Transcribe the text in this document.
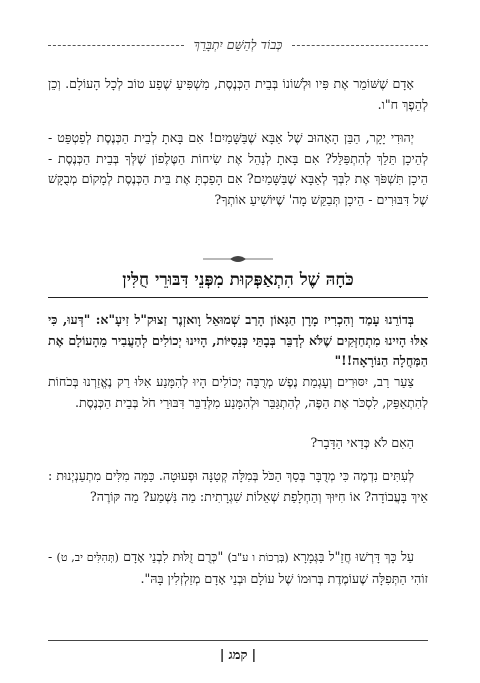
כְּבוֹד לְהַשֵּׁם יִתְבָּרֵךְ

אָדָם שֶׁשּׁוֹמֵר אֶת פִּיו וּלְשׁוֹנוֹ בְּבֵית הַכְּנֶסֶת, מַשְׁפִּיעַ שֶׁפַע טוֹב לְכָל הָעוֹלָם. וְכֵן לְהֵפֶךְ ח"ו.

יְהוּדִי יָקָר, הַבֵּן הָאָהוּב שֶׁל אַבָּא שֶׁבַּשָּׁמַיִם! אִם בָּאתָ לְבֵית הַכְּנֶסֶת לְפַטְפֵּט - לְהֵיכָן תֵּלֵךְ לְהִתְפַּלֵּל? אִם בָּאתָ לְנַהֵל אֶת שִׂיחוֹת הַטֶּלֶפוֹן שֶׁלְּךָ בְּבֵית הַכְּנֶסֶת - הֵיכָן תִּשְׁפֹּךְ אֶת לִבְּךָ לְאַבָּא שֶׁבַּשָּׁמַיִם? אִם הָפַכְתָּ אֶת בֵּית הַכְּנֶסֶת לְמָקוֹם מְבֻקָּשׁ שֶׁל דִּבּוּרִים - הֵיכָן תְּבַקֵּשׁ מָה' שֶׁיּוֹשִׁיעַ אוֹתְךָ?

כֹּחָהּ שֶׁל הִתְאַפְּקוּת מִפְּנֵי דִּבּוּרֵי חֻלִּין

בְּדוֹרֵנוּ עָמַד וְהִכְרִיז מָרָן הַגָּאוֹן הָרַב שְׁמוּאֵל וָואזְנֶר זַצוּק"ל זִיעָ"א: "דְּעוּ, כִּי אִלּוּ הָיִינוּ מִתְחַזְּקִים שֶׁלֹּא לְדַבֵּר בְּבָתֵּי כְּנֵסִיּוֹת, הָיִינוּ יְכוֹלִים לְהַעֲבִיר מֵהָעוֹלָם אֶת הַמַּחֲלָה הַנּוֹרָאָה!!"

צַעַר רַב, יִסּוּרִים וְעָגְמַת נֶפֶשׁ מְרֻבָּה יְכוֹלִים הָיוּ לְהִמָּנַע אִלּוּ רַק נֶאֱזַרְנוּ בְּכֹחוֹת לְהִתְאַפֵּק, לִסְכֹּר אֶת הַפֶּה, לְהִתְגַּבֵּר וּלְהִמָּנַע מִלְּדַבֵּר דִּבּוּרֵי חֹל בְּבֵית הַכְּנֶסֶת.

הַאִם לֹא כְּדַאי הַדָּבָר?

לְעִתִּים נִדְמֶה כִּי מְדֻבָּר בְּסַךְ הַכֹּל בְּמִלָּה קְטַנָּה וּפְעוּטָה. כַּמָּה מִלִּים מִתְעַנְיְנוּת : אֵיךְ בָּעֲבוֹדָה? אוֹ חִיּוּךְ וְהַחְלָפַת שְׁאֵלוֹת שִׁגְרָתִית: מַה נִּשְׁמַע? מַה קּוֹרֶה?

עַל כָּךְ דָּרְשׁוּ חֲזַ"ל בַּגְּמָרָא (בְּרָכוֹת ו ע"ב) "כְּרֻם זֻלּוּת לִבְנֵי אָדָם (תְּהִלִּים יב, ט) - זוֹהִי הַתְּפִלָּה שֶׁעוֹמֶדֶת בְּרוּמוֹ שֶׁל עוֹלָם וּבְנֵי אָדָם מְזַלְזְלִין בָּהּ".

|קמג|
